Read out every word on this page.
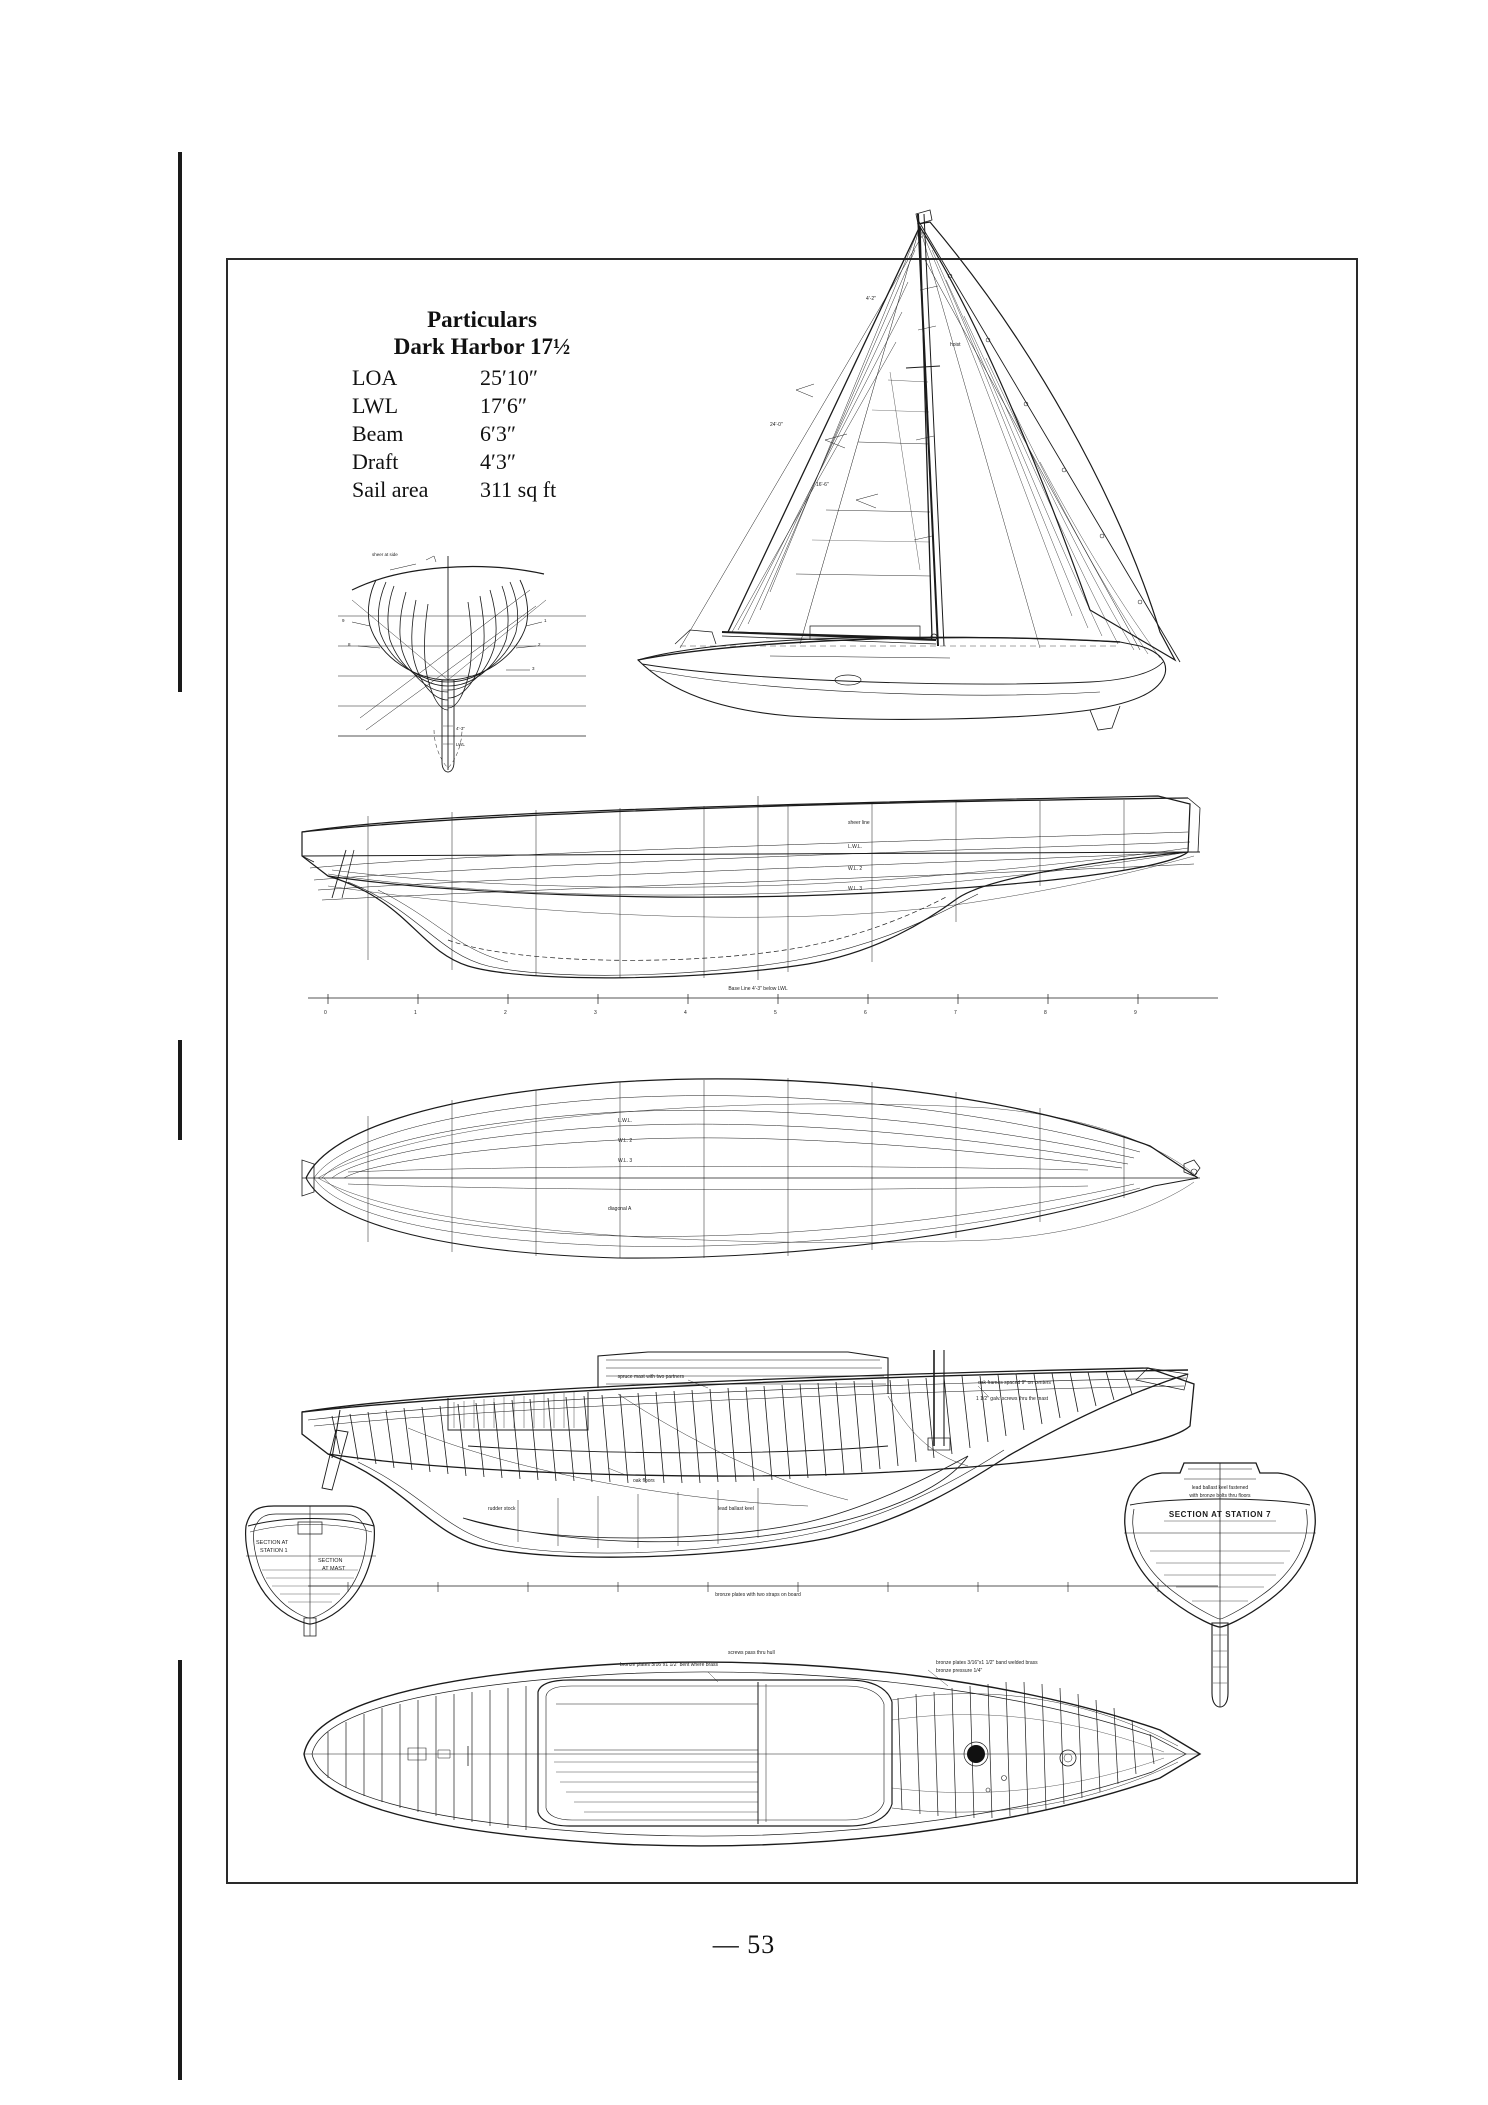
Particulars
Dark Harbor 17½
LOA	25′10″
LWL	17′6″
Beam	6′3″
Draft	4′3″
Sail area	311 sq ft
24'-0"
16'-6"
hoist
4'-2"
1
2
3
9
8
sheer at side
4'-3"
LWL
sheer line
L.W.L.
W.L. 2
W.L. 3
Base Line 4'-3" below LWL
0	1	2	3	4	5	6	7	8	9
L.W.L.
W.L. 2
W.L. 3
diagonal A
spruce mast with two partners
oak frames spaced 9" on centers
1 1/2" galv. screws thru the mast
oak floors
lead ballast keel
rudder stock
bronze plates with two straps on board
SECTION AT
STATION 1
SECTION
AT MAST
lead ballast keel fastened
with bronze bolts thru floors
SECTION AT STATION 7
bronze plates 3/16"x1 1/2" bent where brass
screws pass thru hull
bronze plates 3/16"x1 1/2" band welded brass
bronze pressure 1/4"
— 53
